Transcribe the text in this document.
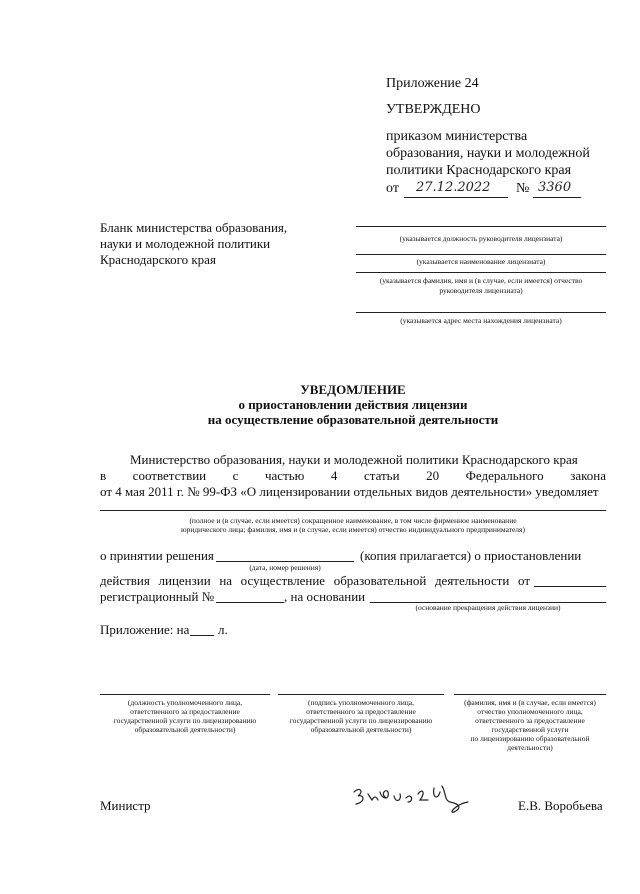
Приложение 24
УТВЕРЖДЕНО
приказом министерства
образования, науки и молодежной
политики Краснодарского края
от 27.12.2022 № 3360
Бланк министерства образования,
науки и молодежной политики
Краснодарского края
(указывается должность руководителя лицензиата)
(указывается наименование лицензиата)
(указывается фамилия, имя и (в случае, если имеется) отчество
руководителя лицензиата)
(указывается адрес места нахождения лицензиата)
УВЕДОМЛЕНИЕ
о приостановлении действия лицензии
на осуществление образовательной деятельности
Министерство образования, науки и молодежной политики Краснодарского края
в соответствии с частью 4 статьи 20 Федерального закона
от 4 мая 2011 г. № 99-ФЗ «О лицензировании отдельных видов деятельности» уведомляет
(полное и (в случае, если имеется) сокращенное наименование, в том числе фирменное наименование
юридического лица; фамилия, имя и (в случае, если имеется) отчество индивидуального предпринимателя)
о принятии решения	(копия прилагается) о приостановлении
(дата, номер решения)
действия лицензии на осуществление образовательной деятельности от
регистрационный №	, на основании
(основание прекращения действия лицензии)
Приложение: на л.
(должность уполномоченного лица,
ответственного за предоставление
государственной услуги по лицензированию
образовательной деятельности)
(подпись уполномоченного лица,
ответственного за предоставление
государственной услуги по лицензированию
образовательной деятельности)
(фамилия, имя и (в случае, если имеется)
отчество уполномоченного лица,
ответственного за предоставление
государственной услуги
по лицензированию образовательной
деятельности)
Министр	Е.В. Воробьева
